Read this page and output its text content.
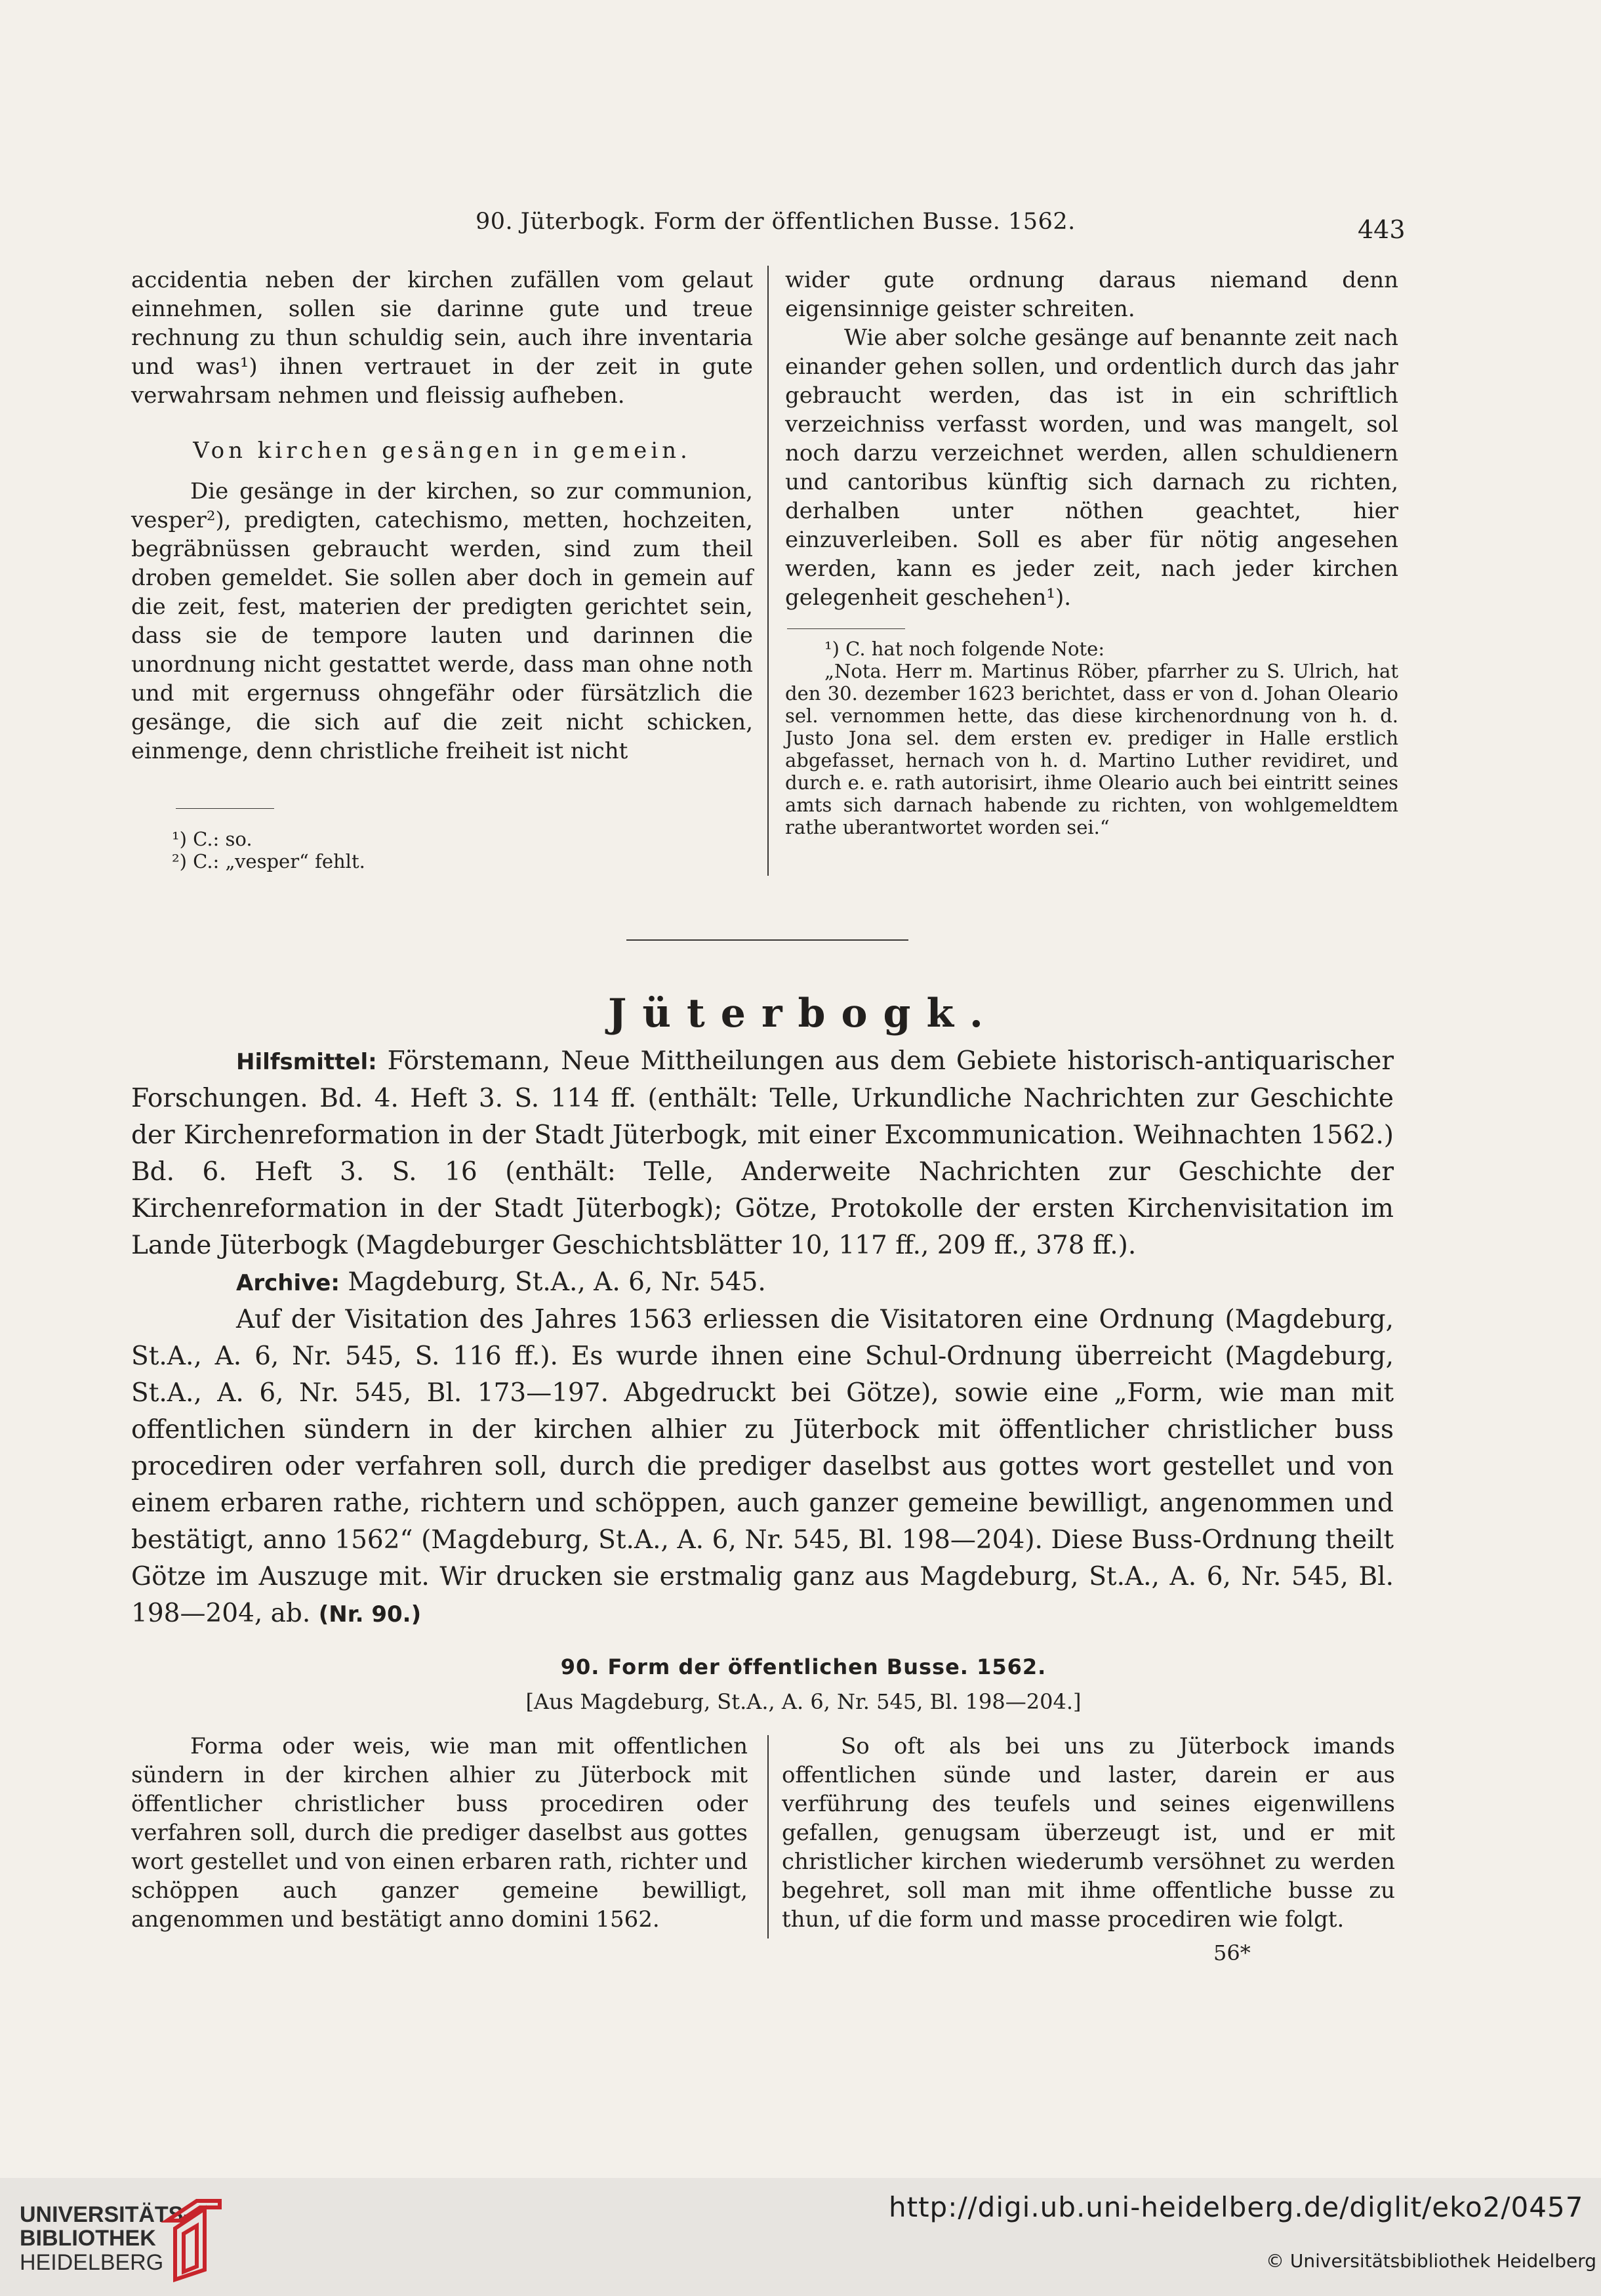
90. Jüterbogk. Form der öffentlichen Busse. 1562.	443

accidentia neben der kirchen zufällen vom gelaut einnehmen, sollen sie darinne gute und treue rechnung zu thun schuldig sein, auch ihre inventaria und was¹) ihnen vertrauet in der zeit in gute verwahrsam nehmen und fleissig aufheben.

Von kirchen gesängen in gemein.

Die gesänge in der kirchen, so zur communion, vesper²), predigten, catechismo, metten, hochzeiten, begräbnüssen gebraucht werden, sind zum theil droben gemeldet. Sie sollen aber doch in gemein auf die zeit, fest, materien der predigten gerichtet sein, dass sie de tempore lauten und darinnen die unordnung nicht gestattet werde, dass man ohne noth und mit ergernuss ohngefähr oder fürsätzlich die gesänge, die sich auf die zeit nicht schicken, einmenge, denn christliche freiheit ist nicht

¹) C.: so.

²) C.: „vesper“ fehlt.

wider gute ordnung daraus niemand denn eigensinnige geister schreiten.

Wie aber solche gesänge auf benannte zeit nach einander gehen sollen, und ordentlich durch das jahr gebraucht werden, das ist in ein schriftlich verzeichniss verfasst worden, und was mangelt, sol noch darzu verzeichnet werden, allen schuldienern und cantoribus künftig sich darnach zu richten, derhalben unter nöthen geachtet, hier einzuverleiben. Soll es aber für nötig angesehen werden, kann es jeder zeit, nach jeder kirchen gelegenheit geschehen¹).

¹) C. hat noch folgende Note:

„Nota. Herr m. Martinus Röber, pfarrher zu S. Ulrich, hat den 30. dezember 1623 berichtet, dass er von d. Johan Oleario sel. vernommen hette, das diese kirchenordnung von h. d. Justo Jona sel. dem ersten ev. prediger in Halle erstlich abgefasset, hernach von h. d. Martino Luther revidiret, und durch e. e. rath autorisirt, ihme Oleario auch bei eintritt seines amts sich darnach habende zu richten, von wohlgemeldtem rathe uberantwortet worden sei.“

Jüterbogk.

Hilfsmittel: Förstemann, Neue Mittheilungen aus dem Gebiete historisch-antiquarischer Forschungen. Bd. 4. Heft 3. S. 114 ff. (enthält: Telle, Urkundliche Nachrichten zur Geschichte der Kirchenreformation in der Stadt Jüterbogk, mit einer Excommunication. Weihnachten 1562.) Bd. 6. Heft 3. S. 16 (enthält: Telle, Anderweite Nachrichten zur Geschichte der Kirchenreformation in der Stadt Jüterbogk); Götze, Protokolle der ersten Kirchenvisitation im Lande Jüterbogk (Magdeburger Geschichtsblätter 10, 117 ff., 209 ff., 378 ff.).

Archive: Magdeburg, St.A., A. 6, Nr. 545.

Auf der Visitation des Jahres 1563 erliessen die Visitatoren eine Ordnung (Magdeburg, St.A., A. 6, Nr. 545, S. 116 ff.). Es wurde ihnen eine Schul-Ordnung überreicht (Magdeburg, St.A., A. 6, Nr. 545, Bl. 173—197. Abgedruckt bei Götze), sowie eine „Form, wie man mit offentlichen sündern in der kirchen alhier zu Jüterbock mit öffentlicher christlicher buss procediren oder verfahren soll, durch die prediger daselbst aus gottes wort gestellet und von einem erbaren rathe, richtern und schöppen, auch ganzer gemeine bewilligt, angenommen und bestätigt, anno 1562“ (Magdeburg, St.A., A. 6, Nr. 545, Bl. 198—204). Diese Buss-Ordnung theilt Götze im Auszuge mit. Wir drucken sie erstmalig ganz aus Magdeburg, St.A., A. 6, Nr. 545, Bl. 198—204, ab. (Nr. 90.)

90. Form der öffentlichen Busse. 1562.
[Aus Magdeburg, St.A., A. 6, Nr. 545, Bl. 198—204.]

Forma oder weis, wie man mit offentlichen sündern in der kirchen alhier zu Jüterbock mit öffentlicher christlicher buss procediren oder verfahren soll, durch die prediger daselbst aus gottes wort gestellet und von einen erbaren rath, richter und schöppen auch ganzer gemeine bewilligt, angenommen und bestätigt anno domini 1562.

So oft als bei uns zu Jüterbock imands offentlichen sünde und laster, darein er aus verführung des teufels und seines eigenwillens gefallen, genugsam überzeugt ist, und er mit christlicher kirchen wiederumb versöhnet zu werden begehret, soll man mit ihme offentliche busse zu thun, uf die form und masse procediren wie folgt.

56*
UNIVERSITÄTS-
BIBLIOTHEK
HEIDELBERG
http://digi.ub.uni-heidelberg.de/diglit/eko2/0457
© Universitätsbibliothek Heidelberg
